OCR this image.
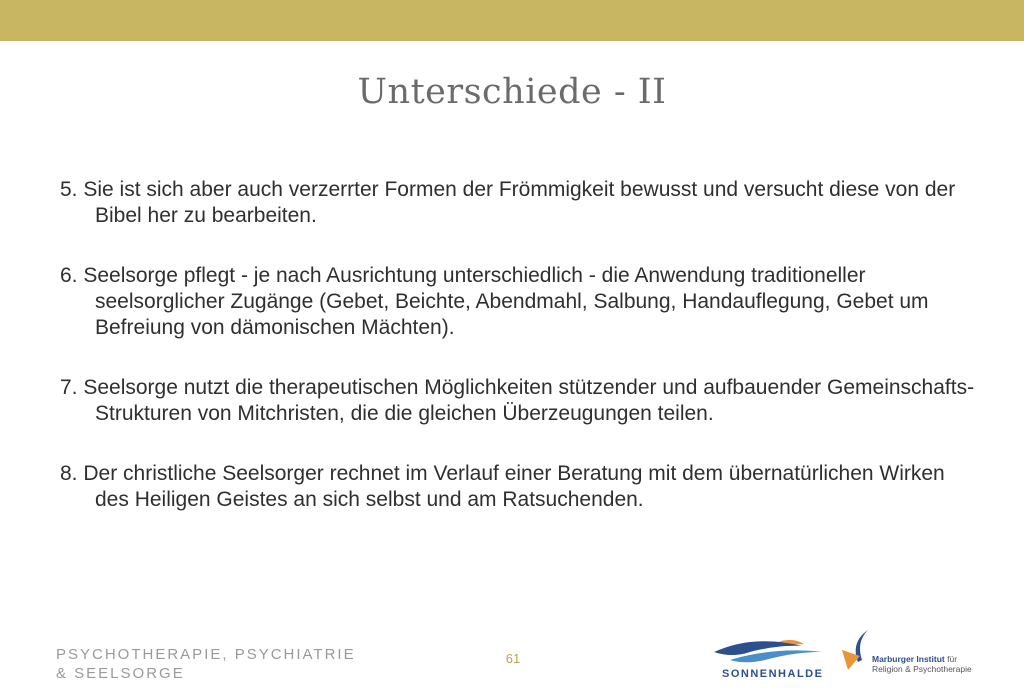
Unterschiede - II
5. Sie ist sich aber auch verzerrter Formen der Frömmigkeit bewusst und versucht diese von der Bibel her zu bearbeiten.
6. Seelsorge pflegt - je nach Ausrichtung unterschiedlich - die Anwendung traditioneller seelsorglicher Zugänge (Gebet, Beichte, Abendmahl, Salbung, Handauflegung, Gebet um Befreiung von dämonischen Mächten).
7. Seelsorge nutzt die therapeutischen Möglichkeiten stützender und aufbauender Gemeinschafts-Strukturen von Mitchristen, die die gleichen Überzeugungen teilen.
8. Der christliche Seelsorger rechnet im Verlauf einer Beratung mit dem übernatürlichen Wirken des Heiligen Geistes an sich selbst und am Ratsuchenden.
PSYCHOTHERAPIE, PSYCHIATRIE
& SEELSORGE
61
SONNENHALDE
Marburger Institut für
Religion & Psychotherapie
